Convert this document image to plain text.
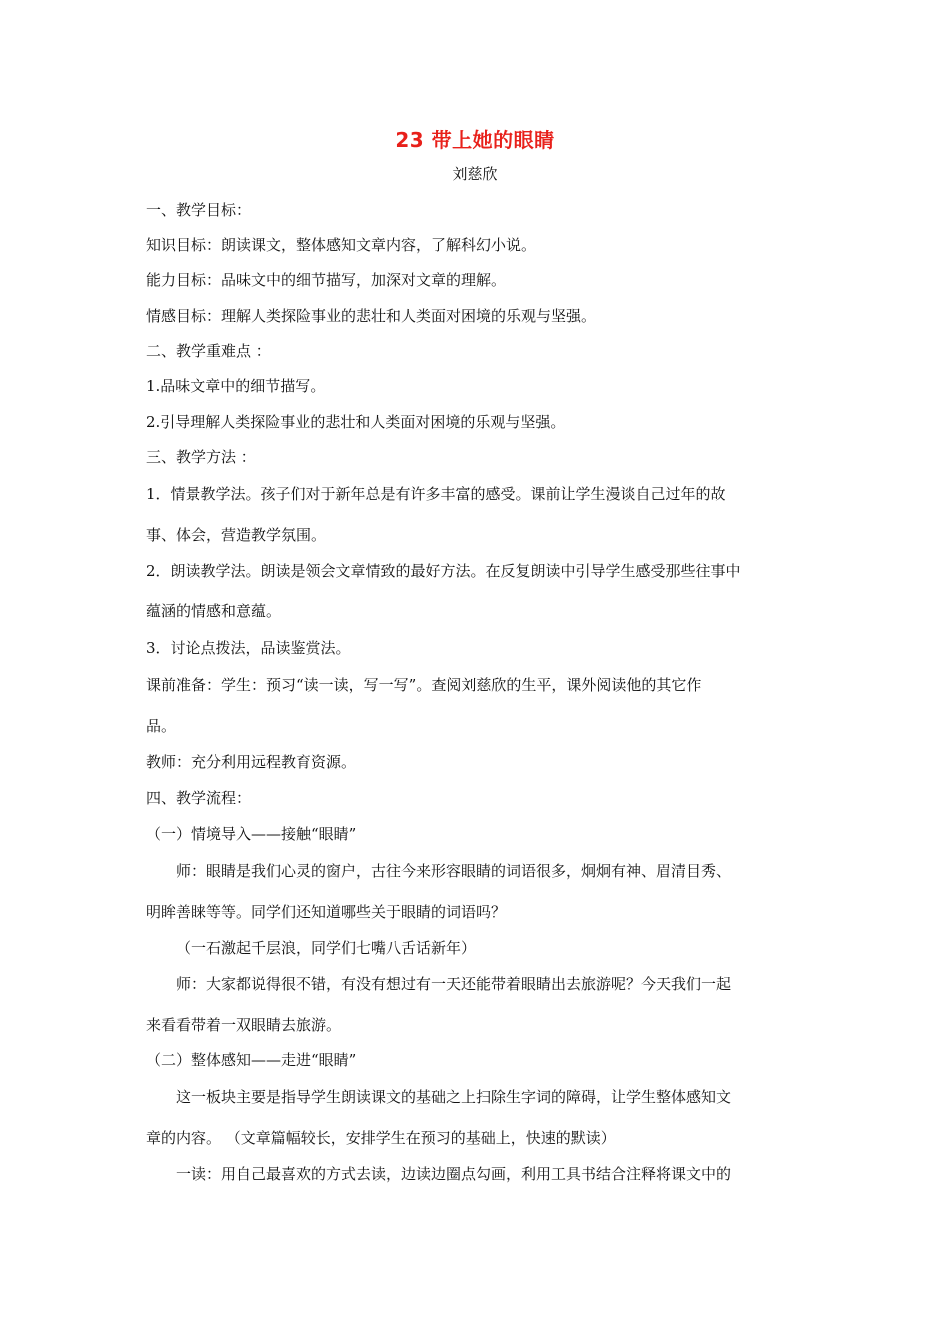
23 带上她的眼睛
刘慈欣
一、教学目标：
知识目标：朗读课文，整体感知文章内容，了解科幻小说。
能力目标：品味文中的细节描写，加深对文章的理解。
情感目标：理解人类探险事业的悲壮和人类面对困境的乐观与坚强。
二、教学重难点 ：
1.品味文章中的细节描写。
2.引导理解人类探险事业的悲壮和人类面对困境的乐观与坚强。
三、教学方法 ：
1．情景教学法。孩子们对于新年总是有许多丰富的感受。课前让学生漫谈自己过年的故
事、体会，营造教学氛围。
2．朗读教学法。朗读是领会文章情致的最好方法。在反复朗读中引导学生感受那些往事中
蕴涵的情感和意蕴。
3．讨论点拨法，品读鉴赏法。
课前准备：学生：预习“读一读，写一写”。查阅刘慈欣的生平，课外阅读他的其它作
品。
教师：充分利用远程教育资源。
四、教学流程：
（一）情境导入——接触“眼睛”
师：眼睛是我们心灵的窗户，古往今来形容眼睛的词语很多，炯炯有神、眉清目秀、
明眸善睐等等。同学们还知道哪些关于眼睛的词语吗？
（一石激起千层浪，同学们七嘴八舌话新年）
师：大家都说得很不错，有没有想过有一天还能带着眼睛出去旅游呢？今天我们一起
来看看带着一双眼睛去旅游。
（二）整体感知——走进“眼睛”
这一板块主要是指导学生朗读课文的基础之上扫除生字词的障碍，让学生整体感知文
章的内容。 （文章篇幅较长，安排学生在预习的基础上，快速的默读）
一读：用自己最喜欢的方式去读，边读边圈点勾画，利用工具书结合注释将课文中的
